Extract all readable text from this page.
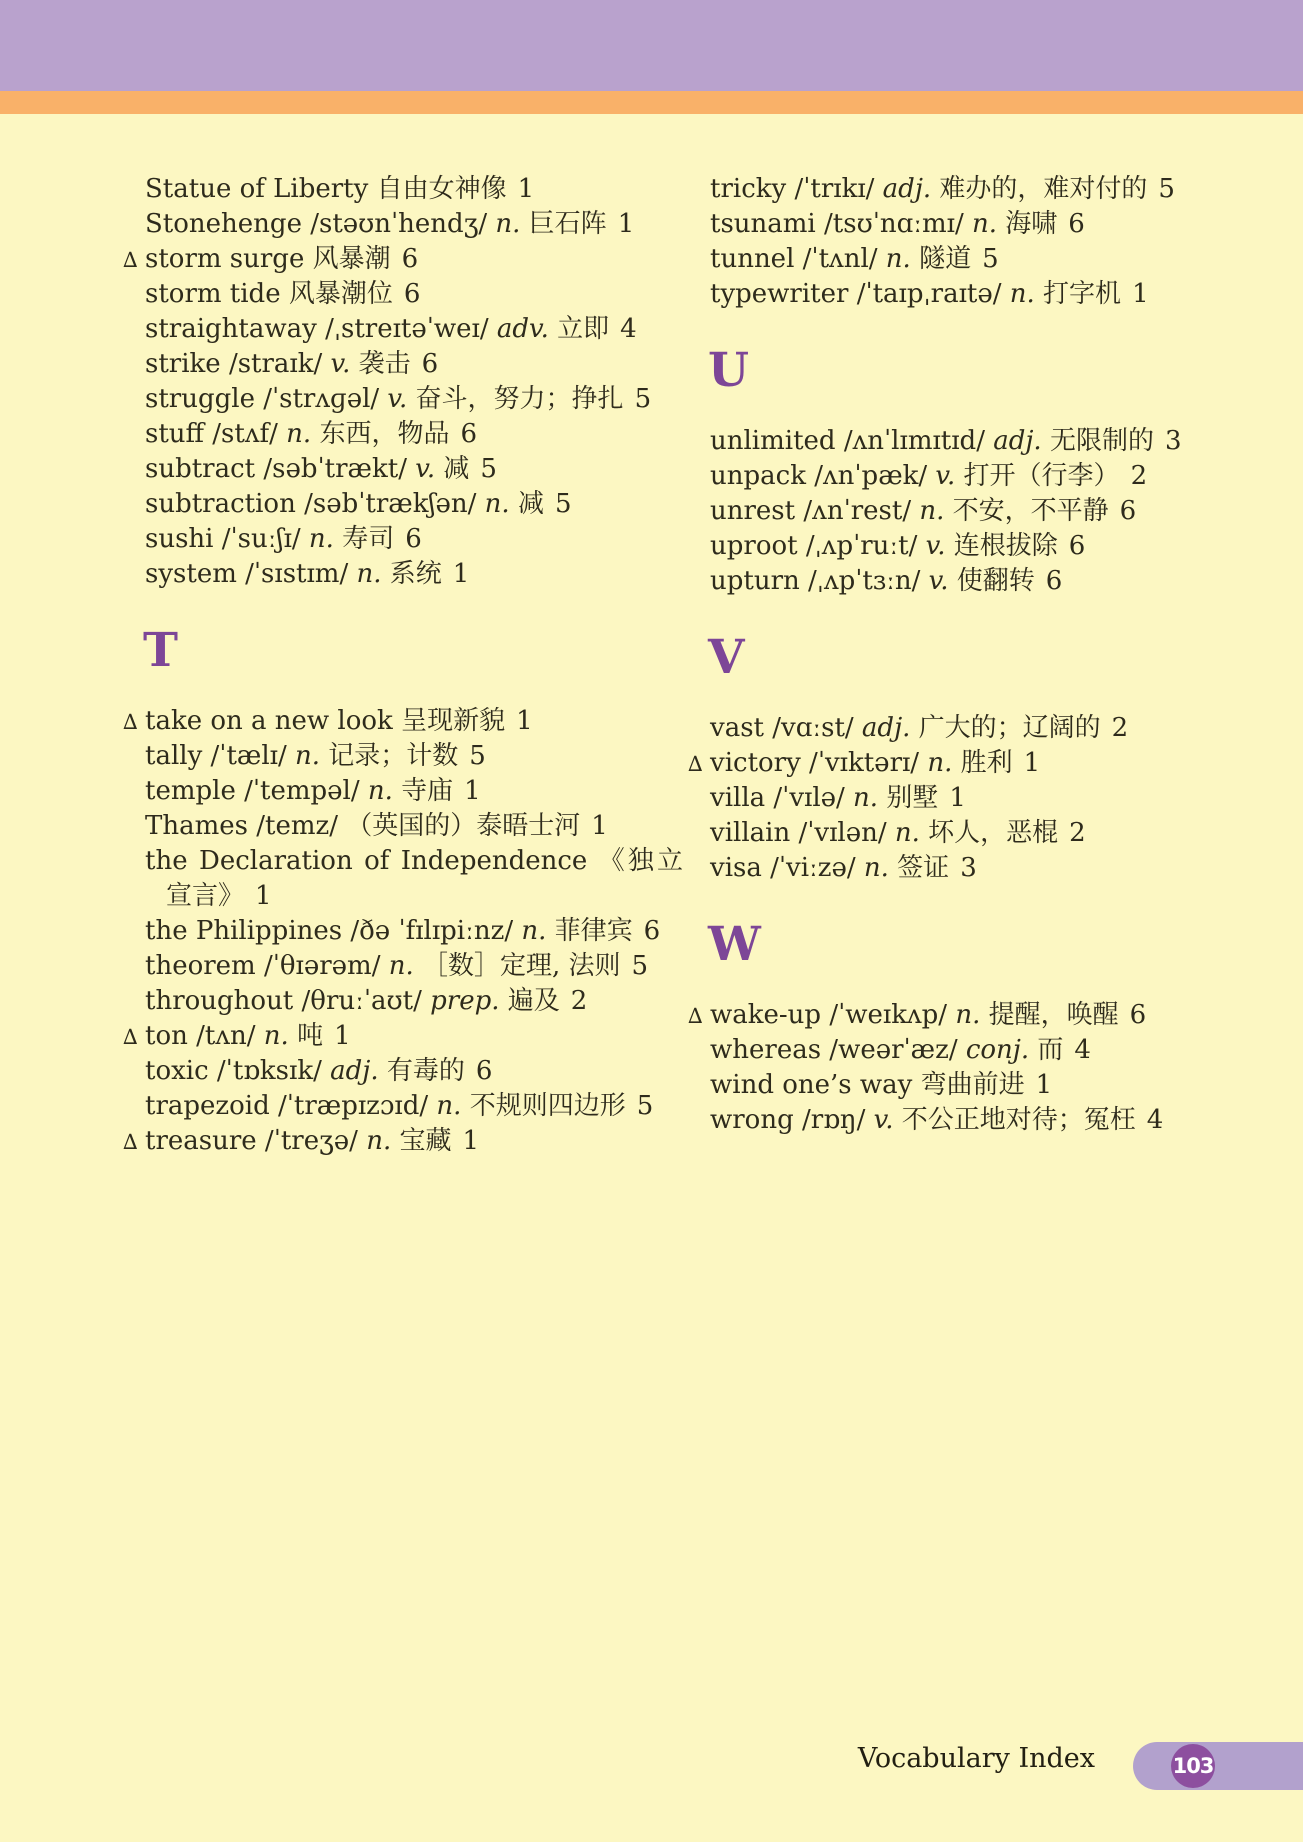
Statue of Liberty 自由女神像 1
Stonehenge /stəʊnˈhendʒ/ n. 巨石阵 1
∆ storm surge 风暴潮 6
storm tide 风暴潮位 6
straightaway /ˌstreɪtəˈweɪ/ adv. 立即 4
strike /straɪk/ v. 袭击 6
struggle /ˈstrʌɡəl/ v. 奋斗，努力；挣扎 5
stuff /stʌf/ n. 东西，物品 6
subtract /səbˈtrækt/ v. 减 5
subtraction /səbˈtrækʃən/ n. 减 5
sushi /ˈsuːʃɪ/ n. 寿司 6
system /ˈsɪstɪm/ n. 系统 1
T
∆ take on a new look 呈现新貌 1
tally /ˈtælɪ/ n. 记录；计数 5
temple /ˈtempəl/ n. 寺庙 1
Thames /temz/ （英国的）泰晤士河 1
the Declaration of Independence 《独立宣言》 1
the Philippines /ðə ˈfɪlɪpiːnz/ n. 菲律宾 6
theorem /ˈθɪərəm/ n. ［数］定理, 法则 5
throughout /θruːˈaʊt/ prep. 遍及 2
∆ ton /tʌn/ n. 吨 1
toxic /ˈtɒksɪk/ adj. 有毒的 6
trapezoid /ˈtræpɪzɔɪd/ n. 不规则四边形 5
∆ treasure /ˈtreʒə/ n. 宝藏 1
tricky /ˈtrɪkɪ/ adj. 难办的，难对付的 5
tsunami /tsʊˈnɑːmɪ/ n. 海啸 6
tunnel /ˈtʌnl/ n. 隧道 5
typewriter /ˈtaɪpˌraɪtə/ n. 打字机 1
U
unlimited /ʌnˈlɪmɪtɪd/ adj. 无限制的 3
unpack /ʌnˈpæk/ v. 打开（行李） 2
unrest /ʌnˈrest/ n. 不安，不平静 6
uproot /ˌʌpˈruːt/ v. 连根拔除 6
upturn /ˌʌpˈtɜːn/ v. 使翻转 6
V
vast /vɑːst/ adj. 广大的；辽阔的 2
∆ victory /ˈvɪktərɪ/ n. 胜利 1
villa /ˈvɪlə/ n. 别墅 1
villain /ˈvɪlən/ n. 坏人，恶棍 2
visa /ˈviːzə/ n. 签证 3
W
∆ wake-up /ˈweɪkʌp/ n. 提醒，唤醒 6
whereas /weərˈæz/ conj. 而 4
wind one’s way 弯曲前进 1
wrong /rɒŋ/ v. 不公正地对待；冤枉 4
Vocabulary Index	103
